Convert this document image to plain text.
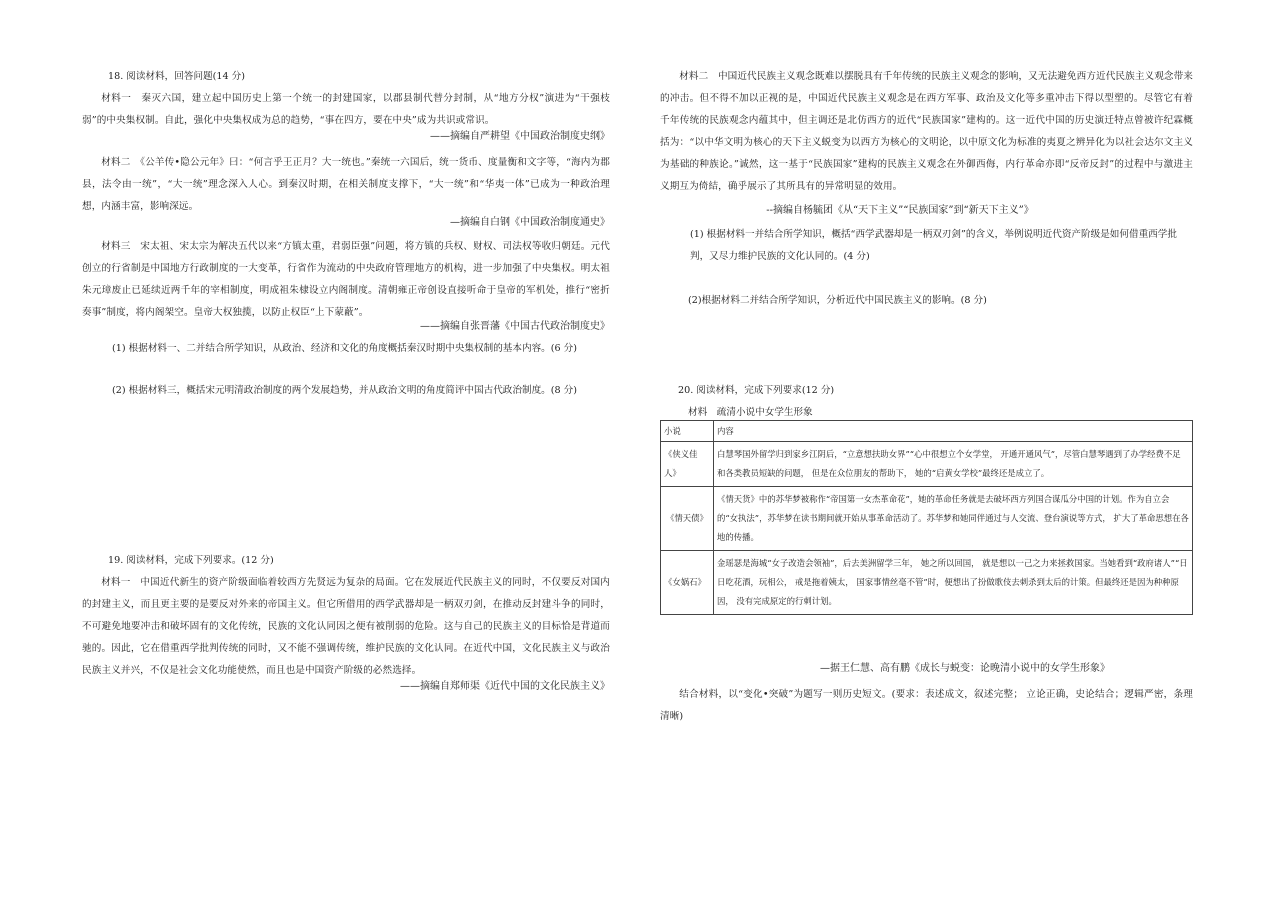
18. 阅读材料，回答问题(14 分)

材料一　秦灭六国，建立起中国历史上第一个统一的封建国家，以郡县制代替分封制，从“地方分权”演进为“干强枝弱”的中央集权制。自此，强化中央集权成为总的趋势，“事在四方，要在中央”成为共识或常识。

——摘编自严耕望《中国政治制度史纲》

材料二　《公羊传•隐公元年》曰：“何言乎王正月？大一统也。”秦统一六国后，统一货币、度量衡和文字等，“海内为郡县，法令由一统”，“大一统”理念深入人心。到秦汉时期，在相关制度支撑下，“大一统”和“华夷一体”已成为一种政治理想，内涵丰富，影响深远。

—摘编自白钢《中国政治制度通史》

材料三　宋太祖、宋太宗为解决五代以来“方镇太重，君弱臣强”问题，将方镇的兵权、财权、司法权等收归朝廷。元代创立的行省制是中国地方行政制度的一大变革，行省作为流动的中央政府管理地方的机构，进一步加强了中央集权。明太祖朱元璋废止已延续近两千年的宰相制度，明成祖朱棣设立内阁制度。清朝雍正帝创设直接听命于皇帝的军机处，推行“密折奏事”制度，将内阁架空。皇帝大权独揽，以防止权臣“上下蒙蔽”。

——摘编自张晋藩《中国古代政治制度史》

(1) 根据材料一、二并结合所学知识，从政治、经济和文化的角度概括秦汉时期中央集权制的基本内容。(6 分)

(2) 根据材料三，概括宋元明清政治制度的两个发展趋势，并从政治文明的角度简评中国古代政治制度。(8 分)

19. 阅读材料，完成下列要求。(12 分)

材料一　中国近代新生的资产阶级面临着较西方先贤远为复杂的局面。它在发展近代民族主义的同时，不仅要反对国内的封建主义，而且更主要的是要反对外来的帝国主义。但它所借用的西学武器却是一柄双刃剑，在推动反封建斗争的同时，不可避免地要冲击和破坏固有的文化传统，民族的文化认同因之便有被削弱的危险。这与自己的民族主义的目标恰是背道而驰的。因此，它在借重西学批判传统的同时，又不能不强调传统，维护民族的文化认同。在近代中国，文化民族主义与政治民族主义并兴，不仅是社会文化功能使然，而且也是中国资产阶级的必然选择。

——摘编自郑师渠《近代中国的文化民族主义》

材料二　中国近代民族主义观念既难以摆脱具有千年传统的民族主义观念的影响，又无法避免西方近代民族主义观念带来的冲击。但不得不加以正视的是，中国近代民族主义观念是在西方军事、政治及文化等多重冲击下得以型塑的。尽管它有着千年传统的民族观念内蕴其中，但主调还是北仿西方的近代“民族国家”建构的。这一近代中国的历史演迁特点曾被许纪霖概括为：“以中华文明为核心的天下主义蜕变为以西方为核心的文明论，以中原文化为标准的夷夏之辨异化为以社会达尔文主义为基础的种族论。”诚然，这一基于“民族国家”建构的民族主义观念在外御西侮，内行革命亦即“反帝反封”的过程中与激进主义期互为倚結，确乎展示了其所具有的异常明显的效用。

--摘编自杨毓团《从“天下主义”“民族国家”到“新天下主义”》

(1) 根据材料一并结合所学知识，概括“西学武器却是一柄双刃剑”的含义，举例说明近代资产阶级是如何借重西学批判，又尽力维护民族的文化认同的。(4 分)

(2)根据材料二并结合所学知识，分析近代中国民族主义的影响。(8 分)

20. 阅读材料，完成下列要求(12 分)

材料　疏清小说中女学生形象

小说	内容
《侠义佳人》	白慧琴国外留学归到家乡江阴后，“立意想扶助女界”“心中很想立个女学堂， 开通开通风气”，尽管白慧琴遇到了办学经费不足和各类教员短缺的问题， 但是在众位朋友的帮助下， 她的“启黄女学校”最终还是成立了。
《情天债》	《情天货》中的苏华梦被称作“帝国第一女杰革命花”，她的革命任务就是去破坏西方列国合谋瓜分中国的计划。作为自立会的“女执法”，苏华梦在读书期间就开始从事革命活动了。苏华梦和她同伴通过与人交流、登台演说等方式， 扩大了革命思想在各地的传播。
《女娲石》	金瑶瑟是海城“女子改造会领袖”，后去美洲留学三年， 她之所以回国， 就是想以一己之力来拯救国家。当她看到“政府诸人”“日日吃花酒，玩相公， 戒是拖着姨太， 国家事情丝毫不管”时，便想出了扮做歌伎去刺杀到太后的计策。但最终还是因为种种原因， 没有完成原定的行刺计划。

—据王仁慧、高有鹏《成长与蜕变：论晚清小说中的女学生形象》

结合材料，以“变化•突破”为题写一则历史短文。(要求：表述成文，叙述完整； 立论正确，史论结合；逻辑严密，条理清晰)
